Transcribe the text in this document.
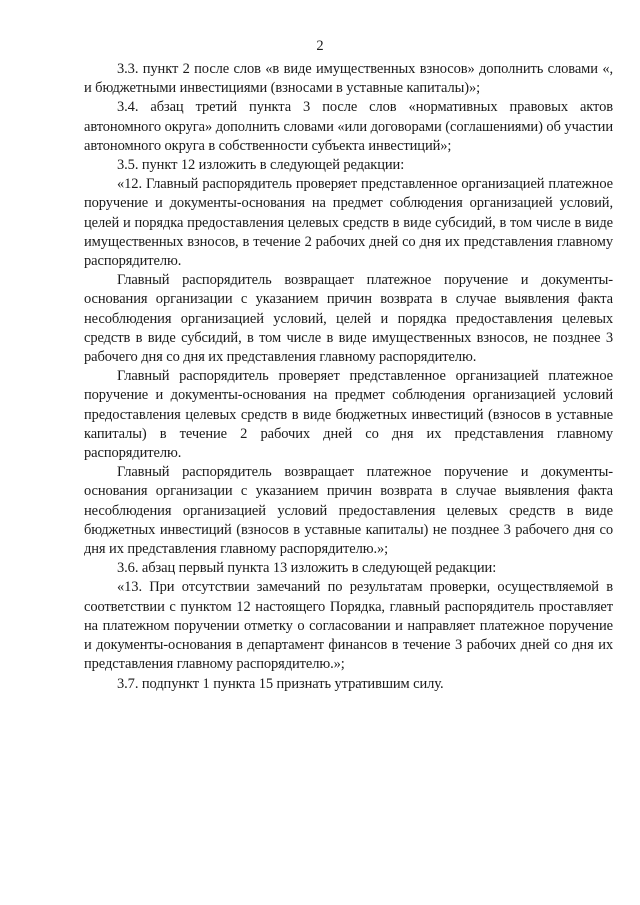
2

3.3. пункт 2 после слов «в виде имущественных взносов» дополнить словами «, и бюджетными инвестициями (взносами в уставные капиталы)»;

3.4. абзац третий пункта 3 после слов «нормативных правовых актов автономного округа» дополнить словами «или договорами (соглашениями) об участии автономного округа в собственности субъекта инвестиций»;

3.5. пункт 12 изложить в следующей редакции:

«12. Главный распорядитель проверяет представленное организацией платежное поручение и документы-основания на предмет соблюдения организацией условий, целей и порядка предоставления целевых средств в виде субсидий, в том числе в виде имущественных взносов, в течение 2 рабочих дней со дня их представления главному распорядителю.

Главный распорядитель возвращает платежное поручение и документы-основания организации с указанием причин возврата в случае выявления факта несоблюдения организацией условий, целей и порядка предоставления целевых средств в виде субсидий, в том числе в виде имущественных взносов, не позднее 3 рабочего дня со дня их представления главному распорядителю.

Главный распорядитель проверяет представленное организацией платежное поручение и документы-основания на предмет соблюдения организацией условий предоставления целевых средств в виде бюджетных инвестиций (взносов в уставные капиталы) в течение 2 рабочих дней со дня их представления главному распорядителю.

Главный распорядитель возвращает платежное поручение и документы-основания организации с указанием причин возврата в случае выявления факта несоблюдения организацией условий предоставления целевых средств в виде бюджетных инвестиций (взносов в уставные капиталы) не позднее 3 рабочего дня со дня их представления главному распорядителю.»;

3.6. абзац первый пункта 13 изложить в следующей редакции:

«13. При отсутствии замечаний по результатам проверки, осуществляемой в соответствии с пунктом 12 настоящего Порядка, главный распорядитель проставляет на платежном поручении отметку о согласовании и направляет платежное поручение и документы-основания в департамент финансов в течение 3 рабочих дней со дня их представления главному распорядителю.»;

3.7. подпункт 1 пункта 15 признать утратившим силу.
